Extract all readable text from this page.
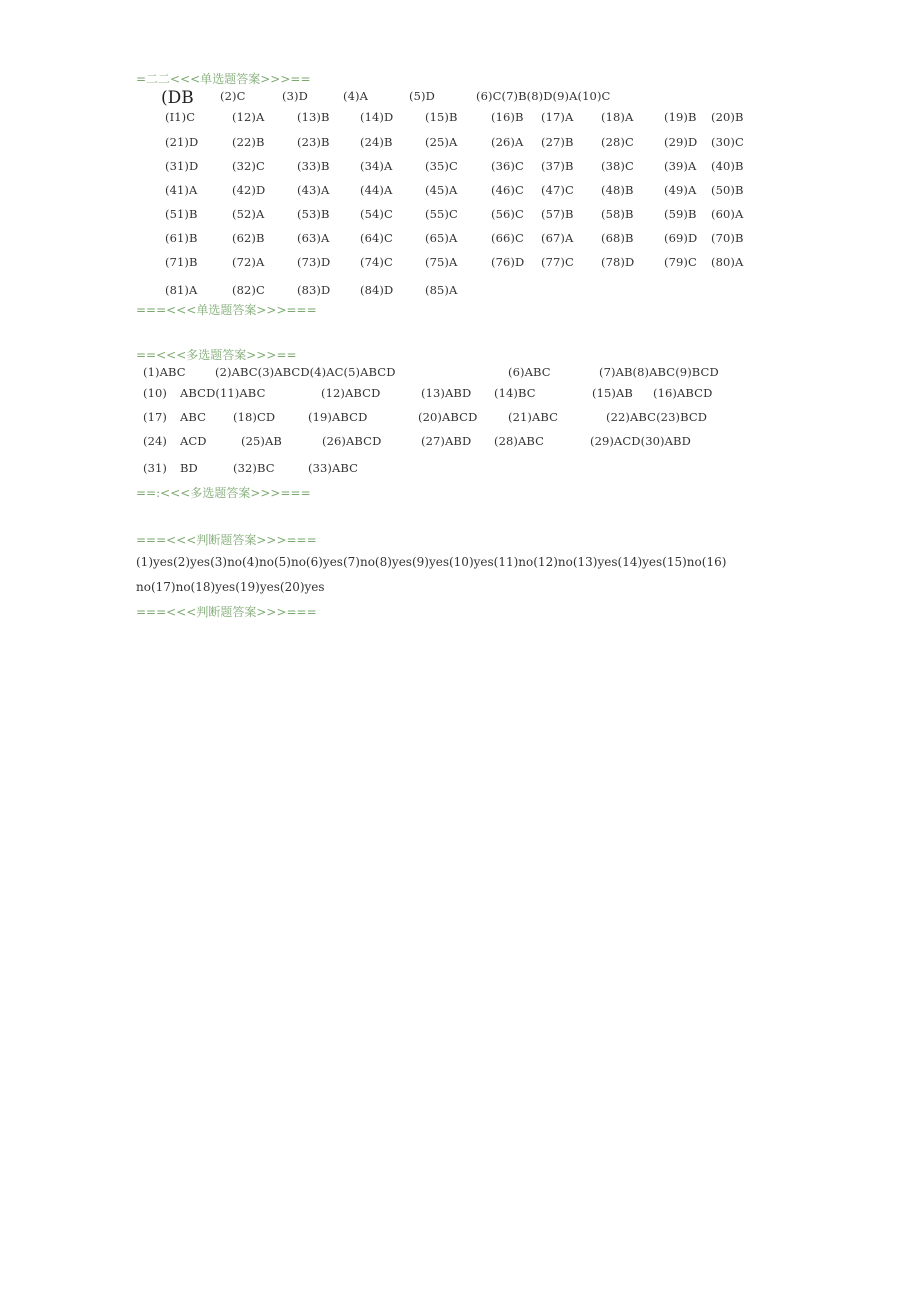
=二二<<<单选题答案>>>==
(DB (2)C	(3)D	(4)A	(5)D	(6)C(7)B(8)D(9)A(10)C
(I1)C	(12)A	(13)B	(14)D	(15)B	(16)B (17)A (18)A	(19)B (20)B
(21)D	(22)B	(23)B	(24)B	(25)A	(26)A (27)B (28)C	(29)D (30)C
(31)D	(32)C	(33)B	(34)A	(35)C	(36)C (37)B (38)C	(39)A (40)B
(41)A	(42)D	(43)A	(44)A	(45)A	(46)C (47)C (48)B	(49)A (50)B
(51)B	(52)A	(53)B	(54)C	(55)C	(56)C (57)B (58)B	(59)B (60)A
(61)B	(62)B	(63)A	(64)C	(65)A	(66)C (67)A (68)B	(69)D (70)B
(71)B	(72)A	(73)D	(74)C	(75)A	(76)D (77)C (78)D	(79)C (80)A
(81)A	(82)C	(83)D	(84)D	(85)A
===<<<单选题答案>>>===
==<<<多选题答案>>>==
(1)ABC	(2)ABC(3)ABCD(4)AC(5)ABCD	(6)ABC	(7)AB(8)ABC(9)BCD
(10) ABCD(11)ABC	(12)ABCD	(13)ABD (14)BC	(15)AB (16)ABCD
(17) ABC (18)CD	(19)ABCD	(20)ABCD	(21)ABC	(22)ABC(23)BCD
(24) ACD	(25)AB	(26)ABCD	(27)ABD (28)ABC	(29)ACD(30)ABD
(31) BD	(32)BC	(33)ABC
==:<<<多选题答案>>>===
===<<<判断题答案>>>===
(1)yes(2)yes(3)no(4)no(5)no(6)yes(7)no(8)yes(9)yes(10)yes(11)no(12)no(13)yes(14)yes(15)no(16)
no(17)no(18)yes(19)yes(20)yes
===<<<判断题答案>>>===
